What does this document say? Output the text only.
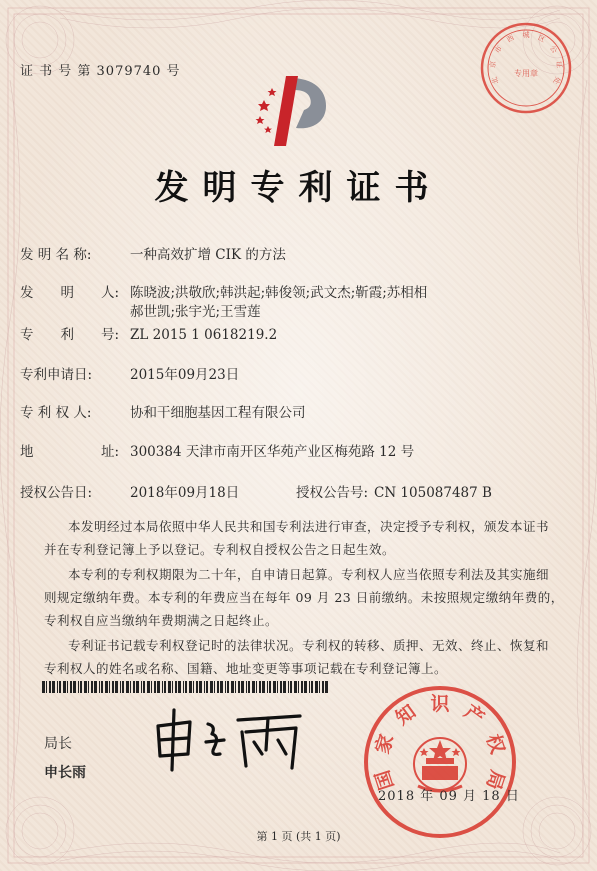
证 书 号 第 3079740 号
发明专利证书
发 明 名 称:	一种高效扩增 CIK 的方法
发　　明　　人: 陈晓波;洪敬欣;韩洪起;韩俊领;武文杰;靳霞;苏相相
郝世凯;张宇光;王雪莲
专　　利　　号: ZL 2015 1 0618219.2
专利申请日:	2015年09月23日
专 利 权 人:	协和干细胞基因工程有限公司
地　　　　　址: 300384 天津市南开区华苑产业区梅苑路 12 号
授权公告日:	2018年09月18日	授权公告号: CN 105087487 B
本发明经过本局依照中华人民共和国专利法进行审查，决定授予专利权，颁发本证书
并在专利登记簿上予以登记。专利权自授权公告之日起生效。
本专利的专利权期限为二十年，自申请日起算。专利权人应当依照专利法及其实施细
则规定缴纳年费。本专利的年费应当在每年 09 月 23 日前缴纳。未按照规定缴纳年费的，
专利权自应当缴纳年费期满之日起终止。
专利证书记载专利权登记时的法律状况。专利权的转移、质押、无效、终止、恢复和
专利权人的姓名或名称、国籍、地址变更等事项记载在专利登记簿上。
局长
申长雨	国
家
知 识 产
权
局
2018 年 09 月 18 日
北
京
市
西 城 区
公
证
处
专用章
第 1 页 (共 1 页)
